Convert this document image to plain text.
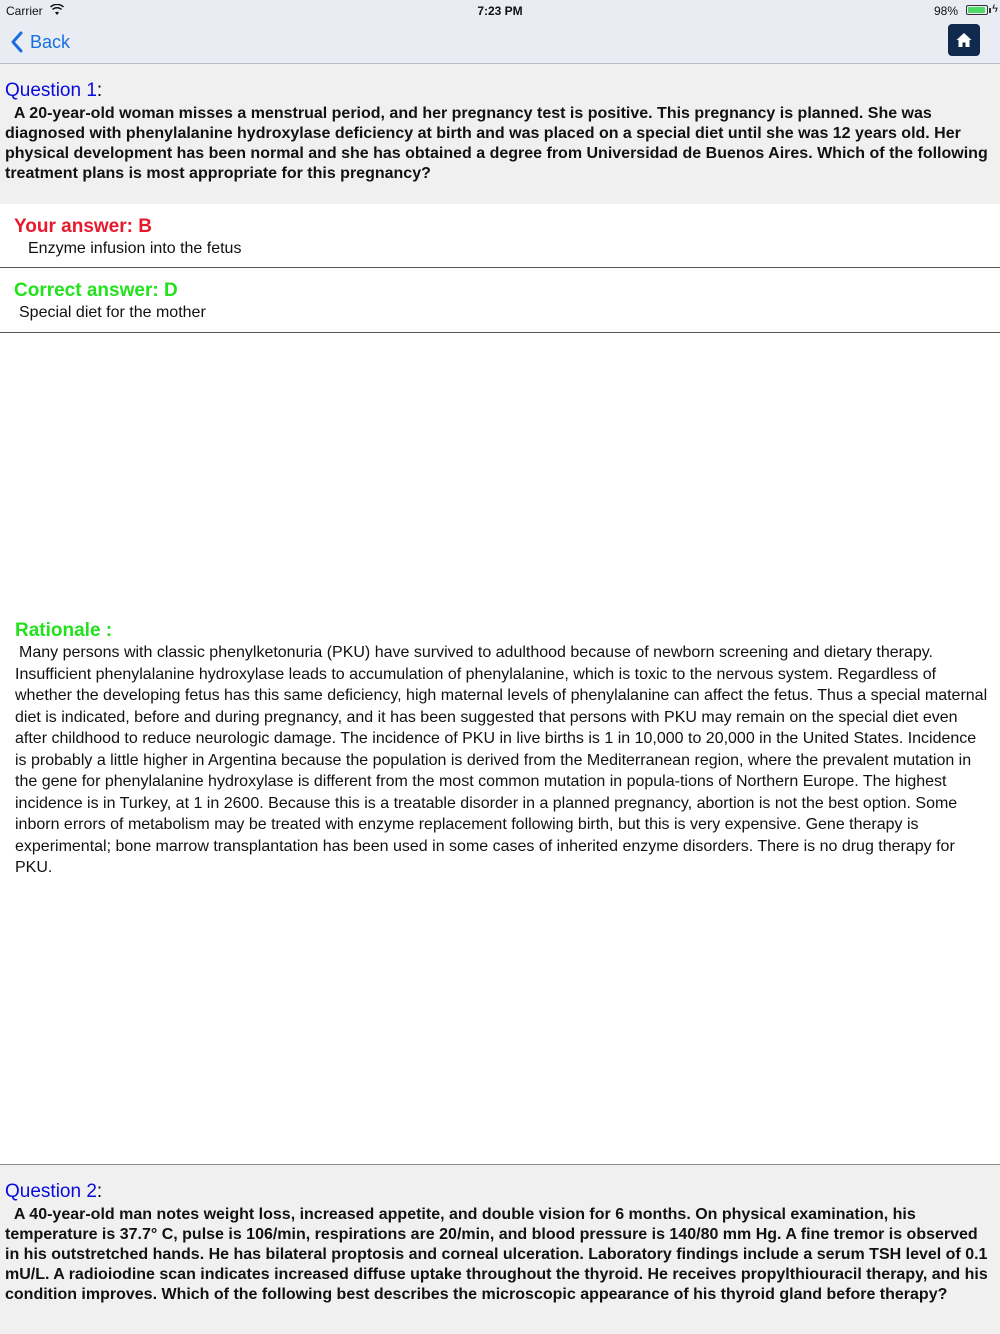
Carrier	7:23 PM	98%	ϟ
Back
Question 1:
A 20-year-old woman misses a menstrual period, and her pregnancy test is positive. This pregnancy is planned. She was diagnosed with phenylalanine hydroxylase deficiency at birth and was placed on a special diet until she was 12 years old. Her physical development has been normal and she has obtained a degree from Universidad de Buenos Aires. Which of the following treatment plans is most appropriate for this pregnancy?
Your answer: B
Enzyme infusion into the fetus
Correct answer: D
Special diet for the mother
Rationale :
Many persons with classic phenylketonuria (PKU) have survived to adulthood because of newborn screening and dietary therapy. Insufficient phenylalanine hydroxylase leads to accumulation of phenylalanine, which is toxic to the nervous system. Regardless of whether the developing fetus has this same deficiency, high maternal levels of phenylalanine can affect the fetus. Thus a special maternal diet is indicated, before and during pregnancy, and it has been suggested that persons with PKU may remain on the special diet even after childhood to reduce neurologic damage. The incidence of PKU in live births is 1 in 10,000 to 20,000 in the United States. Incidence is probably a little higher in Argentina because the population is derived from the Mediterranean region, where the prevalent mutation in the gene for phenylalanine hydroxylase is different from the most common mutation in popula-tions of Northern Europe. The highest incidence is in Turkey, at 1 in 2600. Because this is a treatable disorder in a planned pregnancy, abortion is not the best option. Some inborn errors of metabolism may be treated with enzyme replacement following birth, but this is very expensive. Gene therapy is experimental; bone marrow transplantation has been used in some cases of inherited enzyme disorders. There is no drug therapy for PKU.
Question 2:
A 40-year-old man notes weight loss, increased appetite, and double vision for 6 months. On physical examination, his temperature is 37.7° C, pulse is 106/min, respirations are 20/min, and blood pressure is 140/80 mm Hg. A fine tremor is observed in his outstretched hands. He has bilateral proptosis and corneal ulceration. Laboratory findings include a serum TSH level of 0.1 mU/L. A radioiodine scan indicates increased diffuse uptake throughout the thyroid. He receives propylthiouracil therapy, and his condition improves. Which of the following best describes the microscopic appearance of his thyroid gland before therapy?
